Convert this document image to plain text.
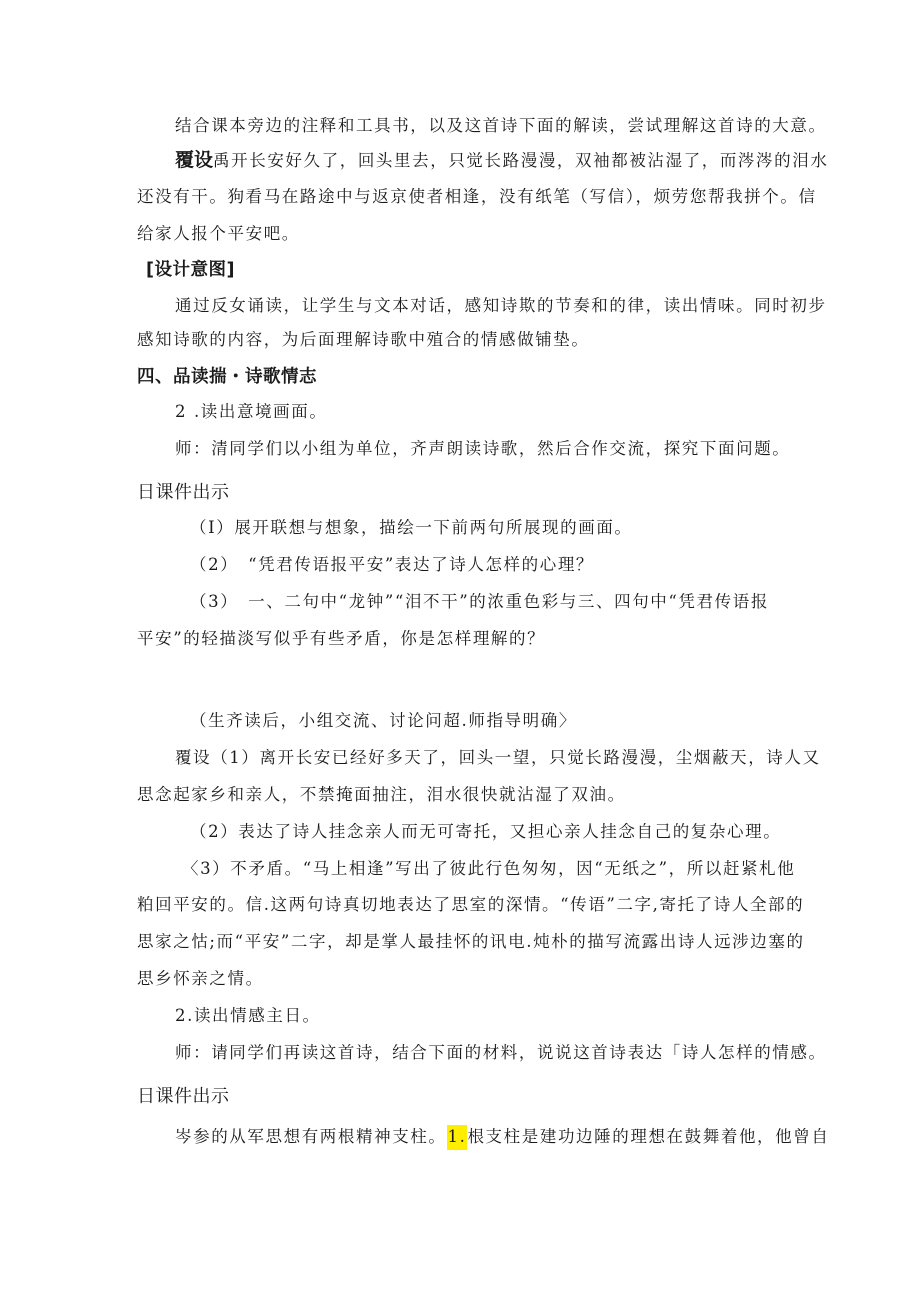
结合课本旁边的注释和工具书，以及这首诗下面的解读，尝试理解这首诗的大意。
覆设禹开长安好久了，回头里去，只觉长路漫漫，双袖都被沾湿了，而涔涔的泪水
还没有干。狗看马在路途中与返京使者相逢，没有纸笔（写信），烦劳您帮我拼个。信
给家人报个平安吧。
[设计意图]
通过反女诵读，让学生与文本对话，感知诗欺的节奏和的律，读出情味。同时初步
感知诗歌的内容，为后面理解诗歌中殖合的情感做铺垫。
四、品读揣・诗歌情志
2 .读出意境画面。
师：清同学们以小组为单位，齐声朗读诗歌，然后合作交流，探究下面问题。
日课件出示
（I）展开联想与想象，描绘一下前两句所展现的画面。
（2）　“凭君传语报平安”表达了诗人怎样的心理？
（3）　一、二句中“龙钟”“泪不干”的浓重色彩与三、四句中“凭君传语报
平安”的轻描淡写似乎有些矛盾，你是怎样理解的？
（生齐读后，小组交流、讨论问超.师指导明确〉
覆设（1）离开长安已经好多天了，回头一望，只觉长路漫漫，尘烟蔽天，诗人又
思念起家乡和亲人，不禁掩面抽注，泪水很快就沾湿了双油。
（2）表达了诗人挂念亲人而无可寄托，又担心亲人挂念自己的复杂心理。
〈3）不矛盾。“马上相逢”写出了彼此行色匆匆，因“无纸之”，所以赶紧札他
粕回平安的。信.这两句诗真切地表达了思室的深情。“传语”二字,寄托了诗人全部的
思家之怙;而“平安”二字，却是掌人最挂怀的讯电.炖朴的描写流露出诗人远涉边塞的
思乡怀亲之情。
2.读出情感主日。
师：请同学们再读这首诗，结合下面的材料，说说这首诗表达「诗人怎样的情感。
日课件出示
岑参的从军思想有两根精神支柱。1.根支柱是建功边陲的理想在鼓舞着他，他曾自
